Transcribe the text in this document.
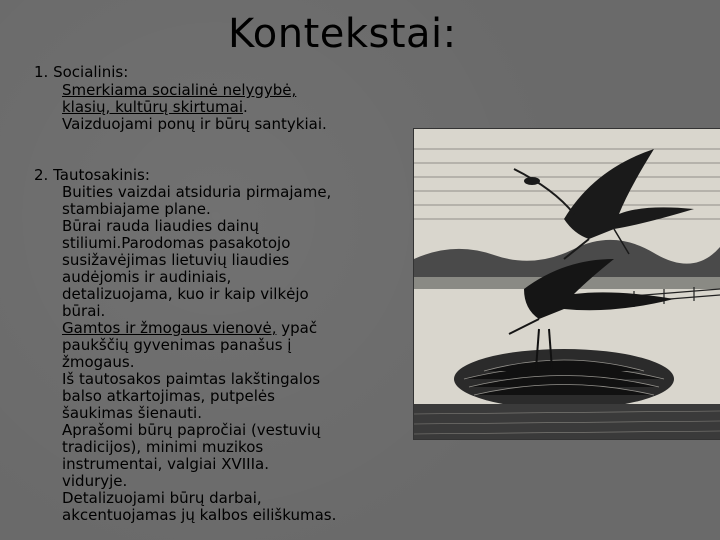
Kontekstai:
1. Socialinis:
Smerkiama socialinė nelygybė,
klasių, kultūrų skirtumai.
Vaizduojami ponų ir būrų santykiai.
2. Tautosakinis:
Buities vaizdai atsiduria pirmajame,
stambiajame plane.
Būrai rauda liaudies dainų
stiliumi.Parodomas pasakotojo
susižavėjimas lietuvių liaudies
audėjomis ir audiniais,
detalizuojama, kuo ir kaip vilkėjo
būrai.
Gamtos ir žmogaus vienovė, ypač
paukščių gyvenimas panašus į
žmogaus.
Iš tautosakos paimtas lakštingalos
balso atkartojimas, putpelės
šaukimas šienauti.
Aprašomi būrų papročiai (vestuvių
tradicijos), minimi muzikos
instrumentai, valgiai XVIIIa.
viduryje.
Detalizuojami būrų darbai,
akcentuojamas jų kalbos eiliškumas.
